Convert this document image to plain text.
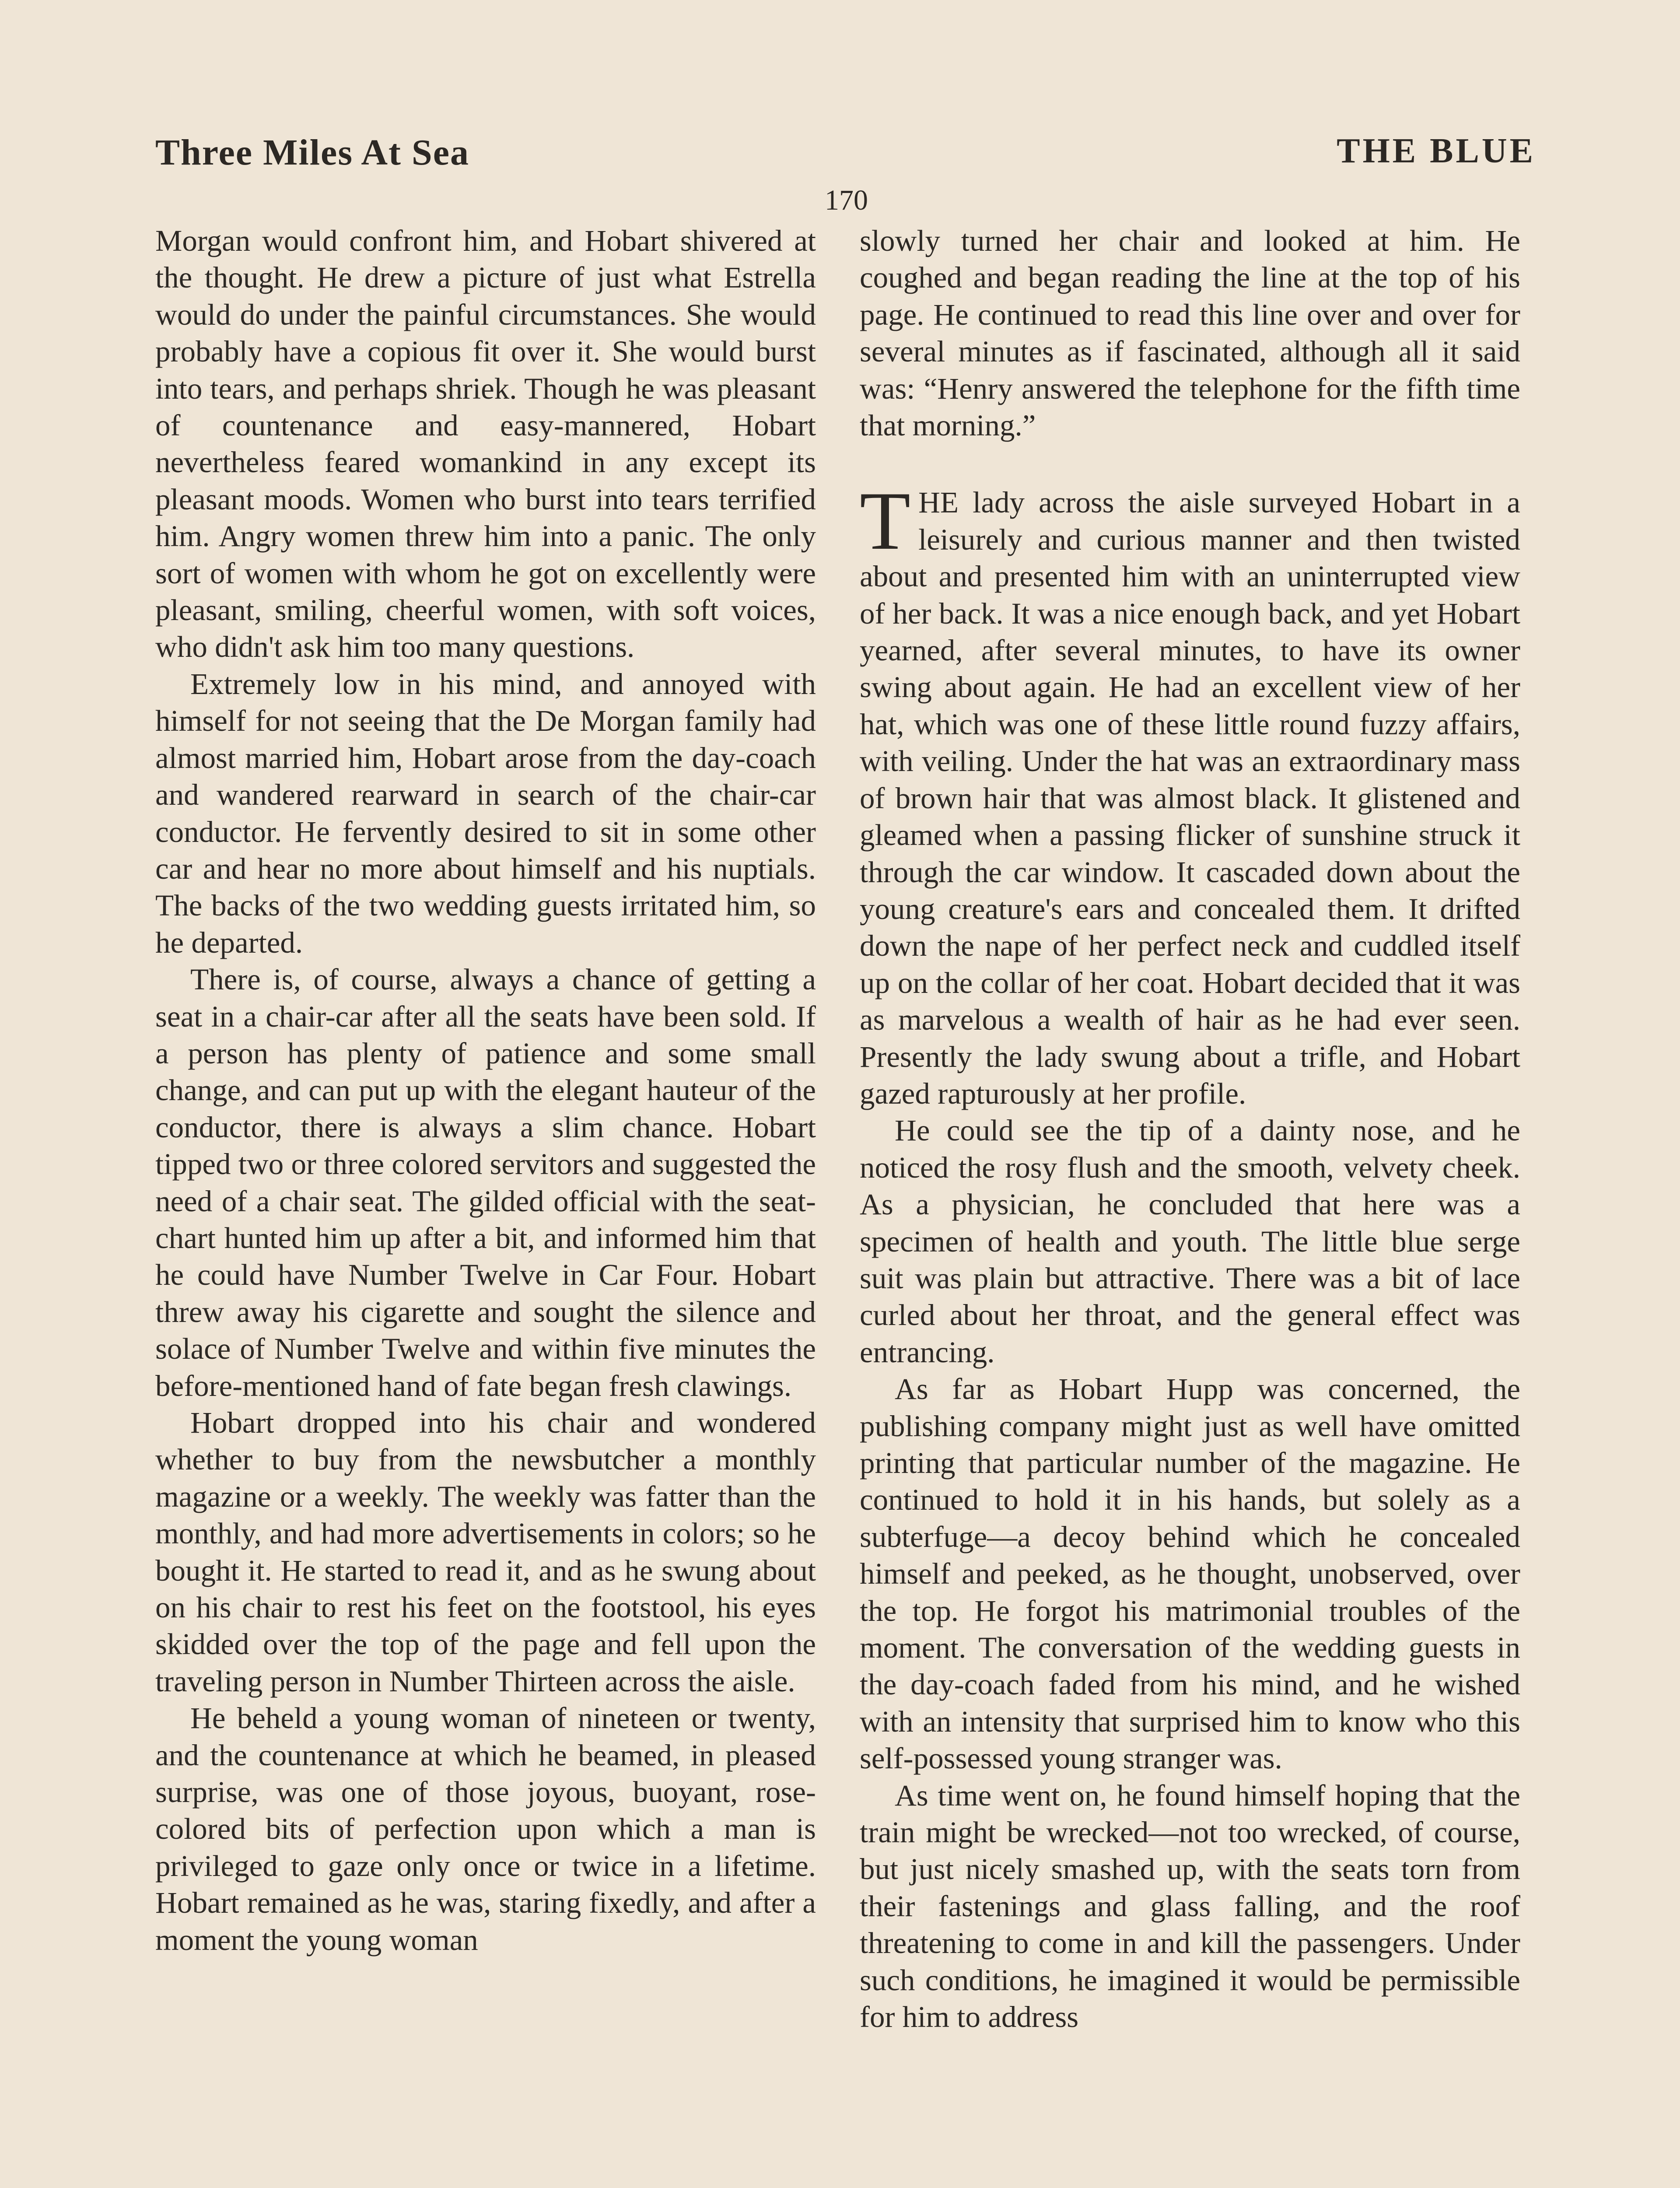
Three Miles At Sea	THE BLUE
170

Morgan would confront him, and Hobart shivered at the thought. He drew a picture of just what Estrella would do under the painful circumstances. She would probably have a copious fit over it. She would burst into tears, and perhaps shriek. Though he was pleasant of countenance and easy-mannered, Hobart nevertheless feared womankind in any except its pleasant moods. Women who burst into tears terrified him. Angry women threw him into a panic. The only sort of women with whom he got on excellently were pleasant, smiling, cheerful women, with soft voices, who didn't ask him too many questions.

Extremely low in his mind, and annoyed with himself for not seeing that the De Morgan family had almost married him, Hobart arose from the day-coach and wandered rearward in search of the chair-car conductor. He fervently desired to sit in some other car and hear no more about himself and his nuptials. The backs of the two wedding guests irritated him, so he departed.

There is, of course, always a chance of getting a seat in a chair-car after all the seats have been sold. If a person has plenty of patience and some small change, and can put up with the elegant hauteur of the conductor, there is always a slim chance. Hobart tipped two or three colored servitors and suggested the need of a chair seat. The gilded official with the seat-chart hunted him up after a bit, and informed him that he could have Number Twelve in Car Four. Hobart threw away his cigarette and sought the silence and solace of Number Twelve and within five minutes the before-mentioned hand of fate began fresh clawings.

Hobart dropped into his chair and wondered whether to buy from the newsbutcher a monthly magazine or a weekly. The weekly was fatter than the monthly, and had more advertisements in colors; so he bought it. He started to read it, and as he swung about on his chair to rest his feet on the footstool, his eyes skidded over the top of the page and fell upon the traveling person in Number Thirteen across the aisle.

He beheld a young woman of nineteen or twenty, and the countenance at which he beamed, in pleased surprise, was one of those joyous, buoyant, rose-colored bits of perfection upon which a man is privileged to gaze only once or twice in a lifetime. Hobart remained as he was, staring fixedly, and after a moment the young woman

slowly turned her chair and looked at him. He coughed and began reading the line at the top of his page. He continued to read this line over and over for several minutes as if fascinated, although all it said was: “Henry answered the telephone for the fifth time that morning.”

THE lady across the aisle surveyed Hobart in a leisurely and curious manner and then twisted about and presented him with an uninterrupted view of her back. It was a nice enough back, and yet Hobart yearned, after several minutes, to have its owner swing about again. He had an excellent view of her hat, which was one of these little round fuzzy affairs, with veiling. Under the hat was an extraordinary mass of brown hair that was almost black. It glistened and gleamed when a passing flicker of sunshine struck it through the car window. It cascaded down about the young creature's ears and concealed them. It drifted down the nape of her perfect neck and cuddled itself up on the collar of her coat. Hobart decided that it was as marvelous a wealth of hair as he had ever seen. Presently the lady swung about a trifle, and Hobart gazed rapturously at her profile.

He could see the tip of a dainty nose, and he noticed the rosy flush and the smooth, velvety cheek. As a physician, he concluded that here was a specimen of health and youth. The little blue serge suit was plain but attractive. There was a bit of lace curled about her throat, and the general effect was entrancing.

As far as Hobart Hupp was concerned, the publishing company might just as well have omitted printing that particular number of the magazine. He continued to hold it in his hands, but solely as a subterfuge—a decoy behind which he concealed himself and peeked, as he thought, unobserved, over the top. He forgot his matrimonial troubles of the moment. The conversation of the wedding guests in the day-coach faded from his mind, and he wished with an intensity that surprised him to know who this self-possessed young stranger was.

As time went on, he found himself hoping that the train might be wrecked—not too wrecked, of course, but just nicely smashed up, with the seats torn from their fastenings and glass falling, and the roof threatening to come in and kill the passengers. Under such conditions, he imagined it would be permissible for him to address
